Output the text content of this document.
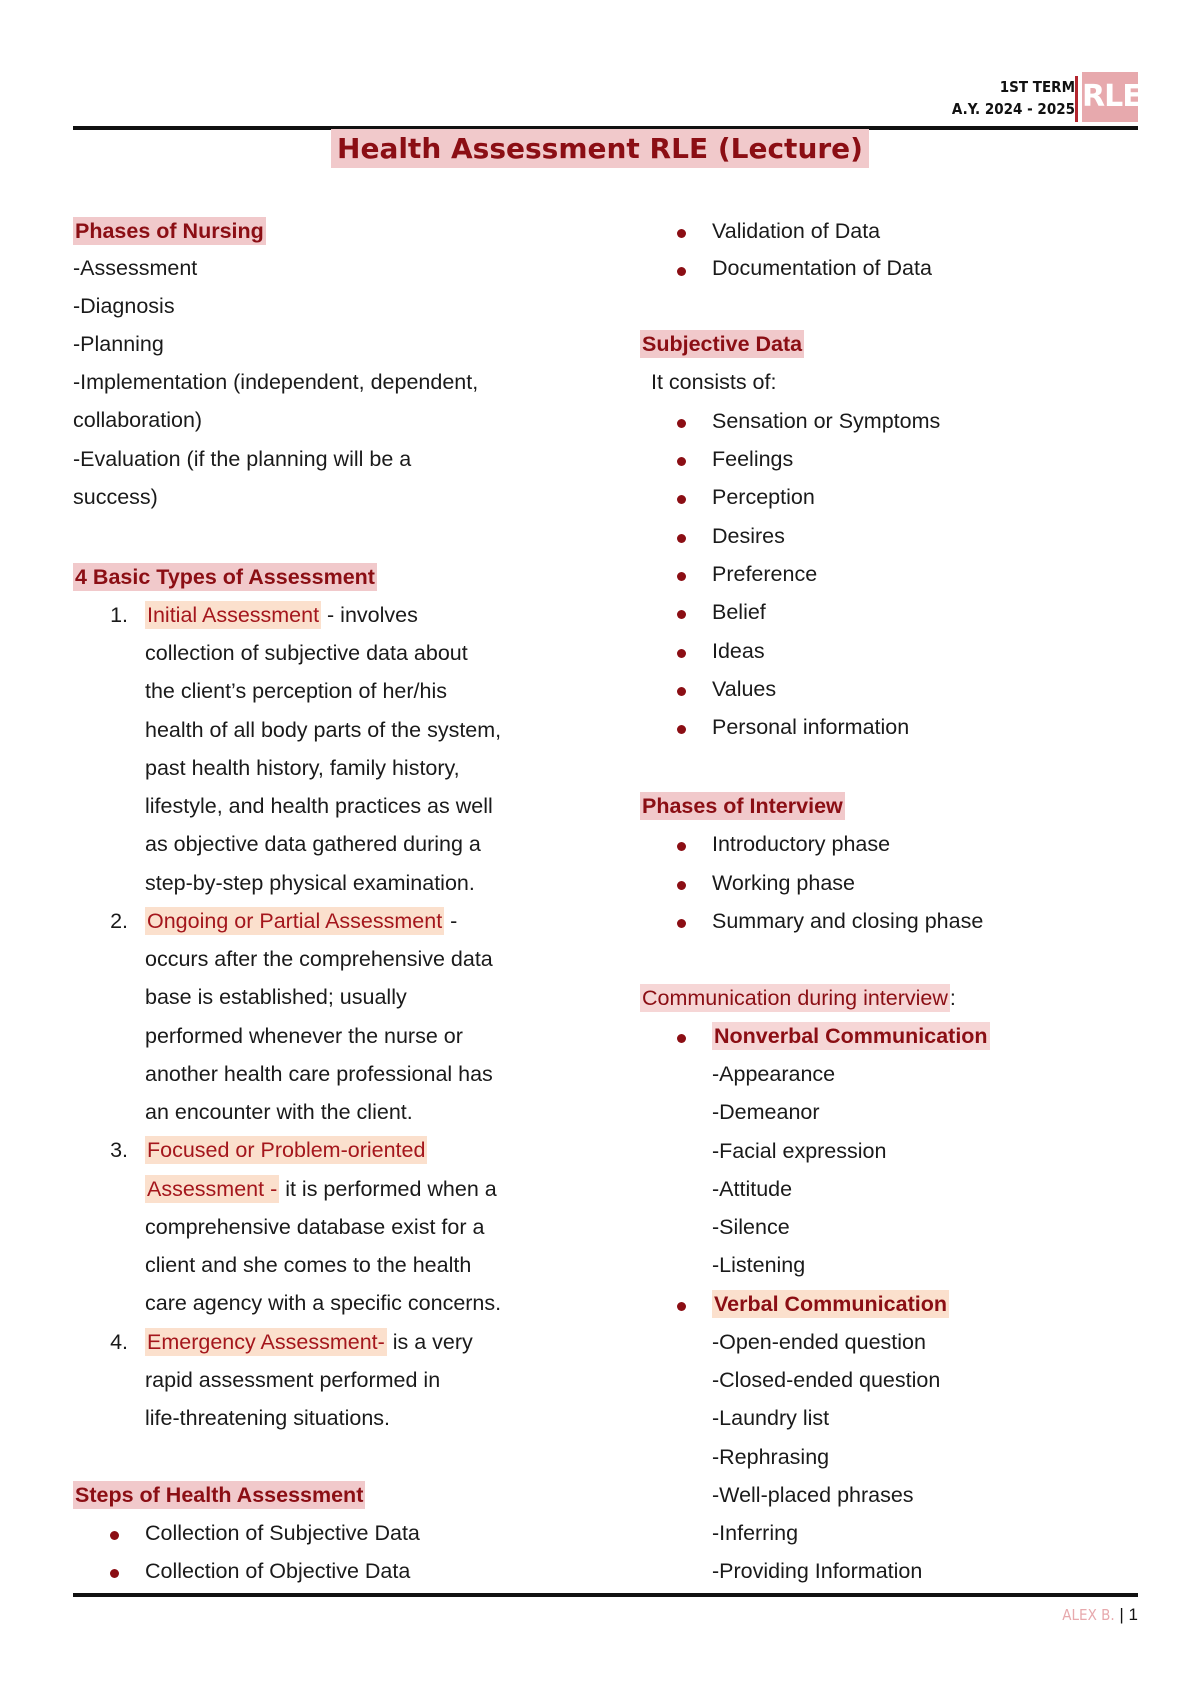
1ST TERM
A.Y. 2024 - 2025 RLE
Health Assessment RLE (Lecture)
Phases of Nursing
-Assessment
-Diagnosis
-Planning
-Implementation (independent, dependent,
collaboration)
-Evaluation (if the planning will be a
success)
4 Basic Types of Assessment
1. Initial Assessment - involves
collection of subjective data about
the client’s perception of her/his
health of all body parts of the system,
past health history, family history,
lifestyle, and health practices as well
as objective data gathered during a
step-by-step physical examination.
2. Ongoing or Partial Assessment -
occurs after the comprehensive data
base is established; usually
performed whenever the nurse or
another health care professional has
an encounter with the client.
3. Focused or Problem-oriented
Assessment - it is performed when a
comprehensive database exist for a
client and she comes to the health
care agency with a specific concerns.
4. Emergency Assessment- is a very
rapid assessment performed in
life-threatening situations.
Steps of Health Assessment
Collection of Subjective Data
Collection of Objective Data
Validation of Data
Documentation of Data
Subjective Data
It consists of:
Sensation or Symptoms
Feelings
Perception
Desires
Preference
Belief
Ideas
Values
Personal information
Phases of Interview
Introductory phase
Working phase
Summary and closing phase
Communication during interview:
Nonverbal Communication
-Appearance
-Demeanor
-Facial expression
-Attitude
-Silence
-Listening
Verbal Communication
-Open-ended question
-Closed-ended question
-Laundry list
-Rephrasing
-Well-placed phrases
-Inferring
-Providing Information
ALEX B. | 1
